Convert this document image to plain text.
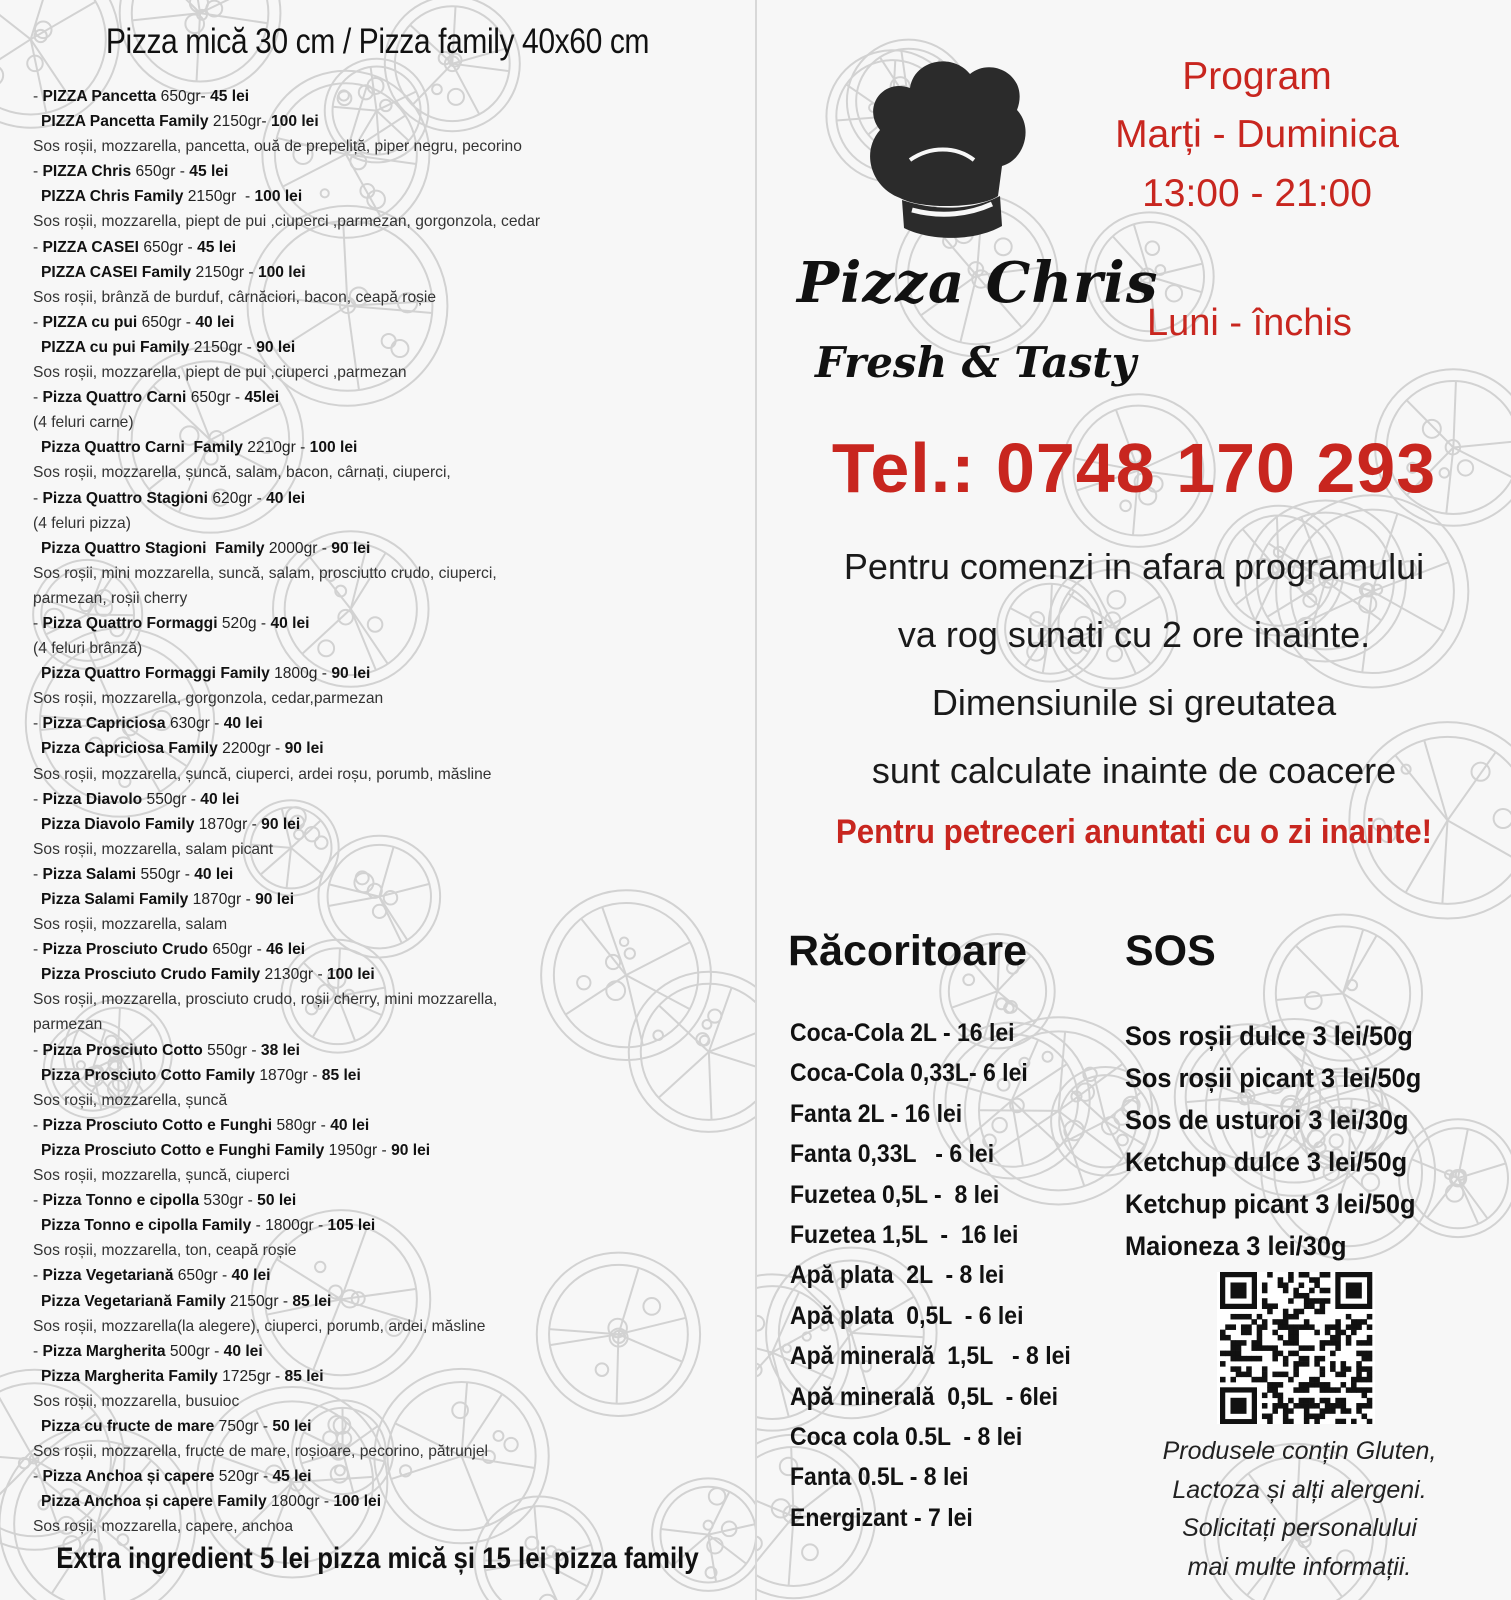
Pizza mică 30 cm / Pizza family 40x60 cm
- PIZZA Pancetta 650gr- 45 lei
PIZZA Pancetta Family 2150gr- 100 lei
Sos roșii, mozzarella, pancetta, ouă de prepeliță, piper negru, pecorino
- PIZZA Chris 650gr - 45 lei
PIZZA Chris Family 2150gr  - 100 lei
Sos roșii, mozzarella, piept de pui ,ciuperci ,parmezan, gorgonzola, cedar
- PIZZA CASEI 650gr - 45 lei
PIZZA CASEI Family 2150gr - 100 lei
Sos roșii, brânză de burduf, cârnăciori, bacon, ceapă roșie
- PIZZA cu pui 650gr - 40 lei
PIZZA cu pui Family 2150gr - 90 lei
Sos roșii, mozzarella, piept de pui ,ciuperci ,parmezan
- Pizza Quattro Carni 650gr - 45lei
(4 feluri carne)
Pizza Quattro Carni  Family 2210gr - 100 lei
Sos roșii, mozzarella, șuncă, salam, bacon, cârnați, ciuperci,
- Pizza Quattro Stagioni 620gr - 40 lei
(4 feluri pizza)
Pizza Quattro Stagioni  Family 2000gr - 90 lei
Sos roșii, mini mozzarella, suncă, salam, prosciutto crudo, ciuperci,
parmezan, roșii cherry
- Pizza Quattro Formaggi 520g - 40 lei
(4 feluri brânză)
Pizza Quattro Formaggi Family 1800g - 90 lei
Sos roșii, mozzarella, gorgonzola, cedar,parmezan
- Pizza Capriciosa 630gr - 40 lei
Pizza Capriciosa Family 2200gr - 90 lei
Sos roșii, mozzarella, șuncă, ciuperci, ardei roșu, porumb, măsline
- Pizza Diavolo 550gr - 40 lei
Pizza Diavolo Family 1870gr - 90 lei
Sos roșii, mozzarella, salam picant
- Pizza Salami 550gr - 40 lei
Pizza Salami Family 1870gr - 90 lei
Sos roșii, mozzarella, salam
- Pizza Prosciuto Crudo 650gr - 46 lei
Pizza Prosciuto Crudo Family 2130gr - 100 lei
Sos roșii, mozzarella, prosciuto crudo, roșii cherry, mini mozzarella,
parmezan
- Pizza Prosciuto Cotto 550gr - 38 lei
Pizza Prosciuto Cotto Family 1870gr - 85 lei
Sos roșii, mozzarella, șuncă
- Pizza Prosciuto Cotto e Funghi 580gr - 40 lei
Pizza Prosciuto Cotto e Funghi Family 1950gr - 90 lei
Sos roșii, mozzarella, șuncă, ciuperci
- Pizza Tonno e cipolla 530gr - 50 lei
Pizza Tonno e cipolla Family - 1800gr - 105 lei
Sos roșii, mozzarella, ton, ceapă roșie
- Pizza Vegetariană 650gr - 40 lei
Pizza Vegetariană Family 2150gr - 85 lei
Sos roșii, mozzarella(la alegere), ciuperci, porumb, ardei, măsline
- Pizza Margherita 500gr - 40 lei
Pizza Margherita Family 1725gr - 85 lei
Sos roșii, mozzarella, busuioc
Pizza cu fructe de mare 750gr - 50 lei
Sos roșii, mozzarella, fructe de mare, roșioare, pecorino, pătrunjel
- Pizza Anchoa și capere 520gr - 45 lei
Pizza Anchoa și capere Family 1800gr - 100 lei
Sos roșii, mozzarella, capere, anchoa
Extra ingredient 5 lei pizza mică și 15 lei pizza family
Pizza Chris
Fresh & Tasty
Program
Marți - Duminica
13:00 - 21:00
Luni - închis
Tel.: 0748 170 293
Pentru comenzi in afara programului
va rog sunati cu 2 ore inainte.
Dimensiunile si greutatea
sunt calculate inainte de coacere
Pentru petreceri anuntati cu o zi inainte!
Răcoritoare SOS
Coca-Cola 2L - 16 lei
Coca-Cola 0,33L- 6 lei
Fanta 2L - 16 lei
Fanta 0,33L   - 6 lei
Fuzetea 0,5L -  8 lei
Fuzetea 1,5L  -  16 lei
Apă plata  2L  - 8 lei
Apă plata  0,5L  - 6 lei
Apă minerală  1,5L   - 8 lei
Apă minerală  0,5L  - 6lei
Coca cola 0.5L  - 8 lei
Fanta 0.5L - 8 lei
Energizant - 7 lei
Sos roșii dulce 3 lei/50g
Sos roșii picant 3 lei/50g
Sos de usturoi 3 lei/30g
Ketchup dulce 3 lei/50g
Ketchup picant 3 lei/50g
Maioneza 3 lei/30g
Produsele conțin Gluten,
Lactoza și alți alergeni.
Solicitați personalului
mai multe informații.
